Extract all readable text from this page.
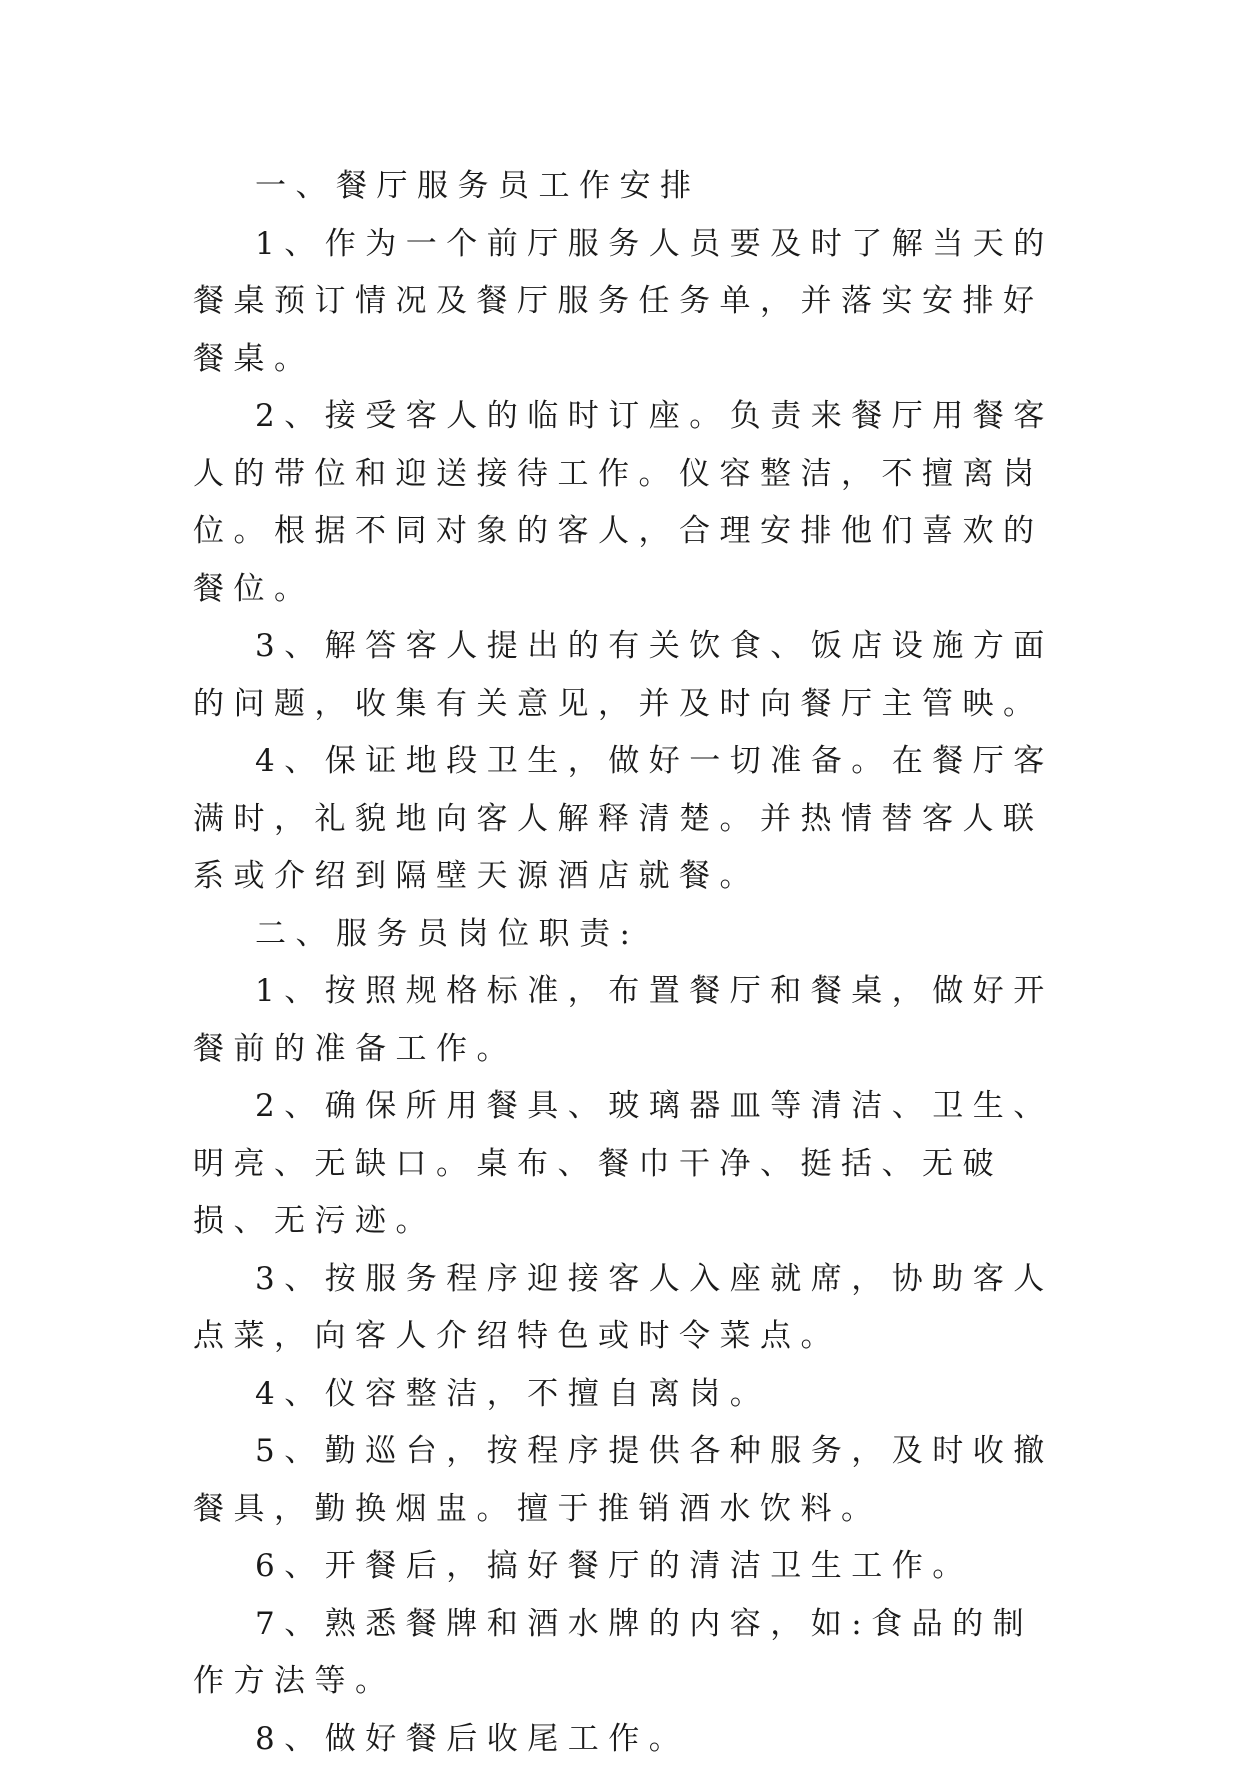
一、餐厅服务员工作安排

1、作为一个前厅服务人员要及时了解当天的餐桌预订情况及餐厅服务任务单，并落实安排好餐桌。

2、接受客人的临时订座。负责来餐厅用餐客人的带位和迎送接待工作。仪容整洁，不擅离岗位。根据不同对象的客人，合理安排他们喜欢的餐位。

3、解答客人提出的有关饮食、饭店设施方面的问题，收集有关意见，并及时向餐厅主管映。

4、保证地段卫生，做好一切准备。在餐厅客满时，礼貌地向客人解释清楚。并热情替客人联系或介绍到隔壁天源酒店就餐。

二、服务员岗位职责:

1、按照规格标准，布置餐厅和餐桌，做好开餐前的准备工作。

2、确保所用餐具、玻璃器皿等清洁、卫生、明亮、无缺口。桌布、餐巾干净、挺括、无破损、无污迹。

3、按服务程序迎接客人入座就席，协助客人点菜，向客人介绍特色或时令菜点。

4、仪容整洁，不擅自离岗。

5、勤巡台，按程序提供各种服务，及时收撤餐具，勤换烟盅。擅于推销酒水饮料。

6、开餐后，搞好餐厅的清洁卫生工作。

7、熟悉餐牌和酒水牌的内容，如:食品的制作方法等。

8、做好餐后收尾工作。
